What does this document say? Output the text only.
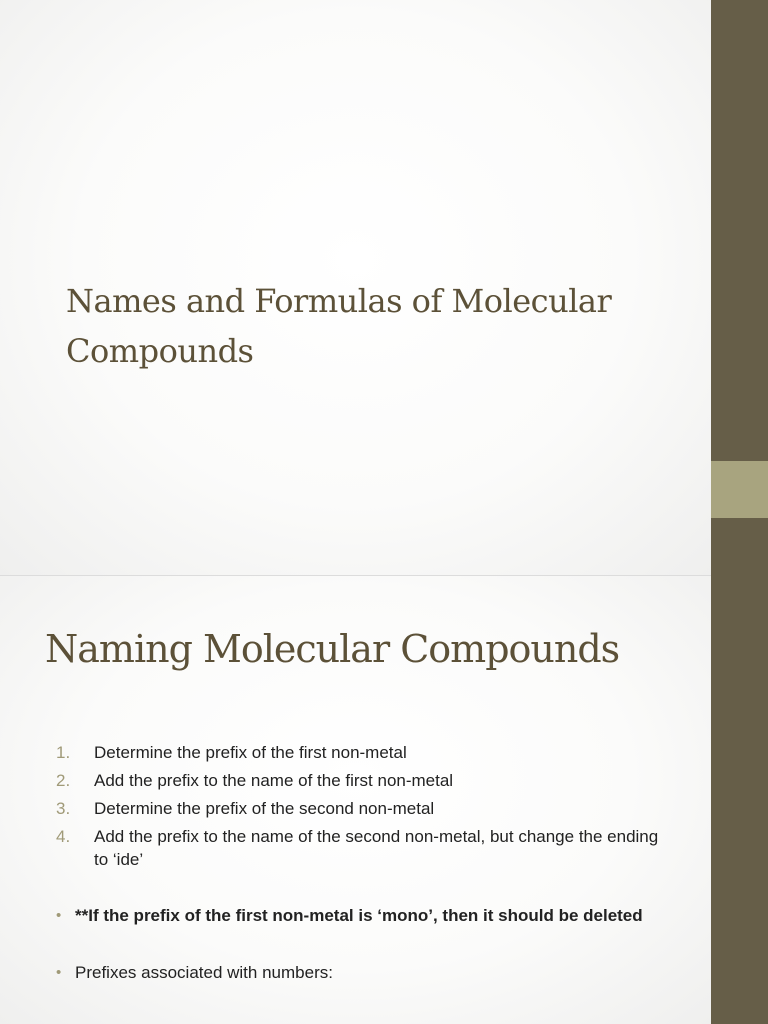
Names and Formulas of Molecular Compounds
Naming Molecular Compounds
1. Determine the prefix of the first non-metal
2. Add the prefix to the name of the first non-metal
3. Determine the prefix of the second non-metal
4. Add the prefix to the name of the second non-metal, but change the ending to ‘ide’
• **If the prefix of the first non-metal is ‘mono’, then it should be deleted
• Prefixes associated with numbers:
